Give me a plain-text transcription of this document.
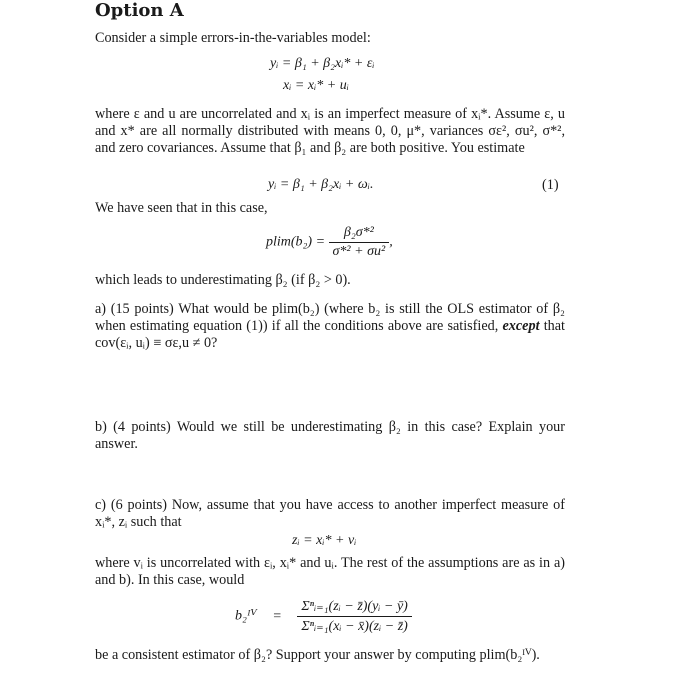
Option A
Consider a simple errors-in-the-variables model:
yᵢ = β₁ + β₂xᵢ* + εᵢ
xᵢ = xᵢ* + uᵢ
where ε and u are uncorrelated and xᵢ is an imperfect measure of xᵢ*. Assume ε, u and x* are all normally distributed with means 0, 0, μ*, variances σε², σu², σ*², and zero covariances. Assume that β₁ and β₂ are both positive. You estimate
yᵢ = β₁ + β₂xᵢ + ωᵢ.	(1)
We have seen that in this case,
$plim(b_2) = \frac{\text{β₂σ*²}}{\text{σ*² + σu²}}$ ,
which leads to underestimating β₂ (if β₂ > 0).
a) (15 points) What would be plim(b₂) (where b₂ is still the OLS estimator of β₂ when estimating equation (1)) if all the conditions above are satisfied, except that cov(εᵢ, uᵢ) ≡ σε,u ≠ 0?
b) (4 points) Would we still be underestimating β₂ in this case? Explain your answer.
c) (6 points) Now, assume that you have access to another imperfect measure of xᵢ*, zᵢ such that
zᵢ = xᵢ* + vᵢ
where vᵢ is uncorrelated with εᵢ, xᵢ* and uᵢ. The rest of the assumptions are as in a) and b). In this case, would
b₂ᴵⱽ = $\frac{\text{Σⁿᵢ₌₁(zᵢ − z̄)(yᵢ − ȳ)}}{\text{Σⁿᵢ₌₁(xᵢ − x̄)(zᵢ − z̄)}}$
be a consistent estimator of β₂? Support your answer by computing plim(b₂ᴵⱽ).
